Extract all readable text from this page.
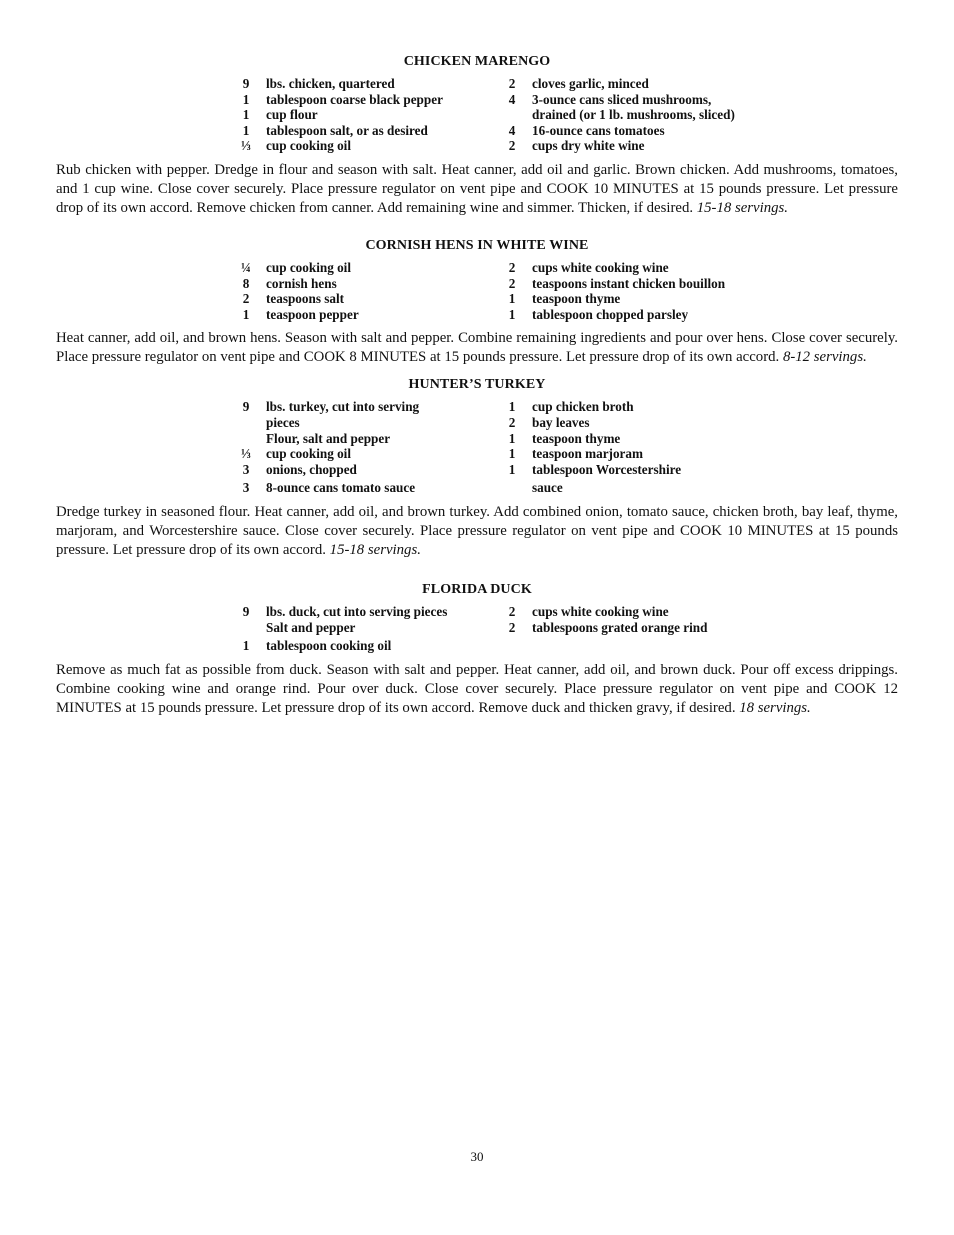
CHICKEN MARENGO
9 lbs. chicken, quartered
1 tablespoon coarse black pepper
1 cup flour
1 tablespoon salt, or as desired
⅓ cup cooking oil
2 cloves garlic, minced
4 3-ounce cans sliced mushrooms,
drained (or 1 lb. mushrooms, sliced)
4 16-ounce cans tomatoes
2 cups dry white wine

Rub chicken with pepper. Dredge in flour and season with salt. Heat canner, add oil and garlic. Brown chicken. Add mushrooms, tomatoes, and 1 cup wine. Close cover securely. Place pressure regulator on vent pipe and COOK 10 MINUTES at 15 pounds pressure. Let pressure drop of its own accord. Remove chicken from canner. Add remaining wine and simmer. Thicken, if desired. 15-18 servings.

CORNISH HENS IN WHITE WINE
¼ cup cooking oil
8 cornish hens
2 teaspoons salt
1 teaspoon pepper
2 cups white cooking wine
2 teaspoons instant chicken bouillon
1 teaspoon thyme
1 tablespoon chopped parsley

Heat canner, add oil, and brown hens. Season with salt and pepper. Combine remaining ingredients and pour over hens. Close cover securely. Place pressure regulator on vent pipe and COOK 8 MINUTES at 15 pounds pressure. Let pressure drop of its own accord. 8-12 servings.

HUNTER’S TURKEY
9 lbs. turkey, cut into serving
pieces
Flour, salt and pepper
⅓ cup cooking oil
3 onions, chopped
3 8-ounce cans tomato sauce
1 cup chicken broth
2 bay leaves
1 teaspoon thyme
1 teaspoon marjoram
1 tablespoon Worcestershire
sauce

Dredge turkey in seasoned flour. Heat canner, add oil, and brown turkey. Add combined onion, tomato sauce, chicken broth, bay leaf, thyme, marjoram, and Worcestershire sauce. Close cover securely. Place pressure regulator on vent pipe and COOK 10 MINUTES at 15 pounds pressure. Let pressure drop of its own accord. 15-18 servings.

FLORIDA DUCK
9 lbs. duck, cut into serving pieces
Salt and pepper
1 tablespoon cooking oil
2 cups white cooking wine
2 tablespoons grated orange rind

Remove as much fat as possible from duck. Season with salt and pepper. Heat canner, add oil, and brown duck. Pour off excess drippings. Combine cooking wine and orange rind. Pour over duck. Close cover securely. Place pressure regulator on vent pipe and COOK 12 MINUTES at 15 pounds pressure. Let pressure drop of its own accord. Remove duck and thicken gravy, if desired. 18 servings.

30
